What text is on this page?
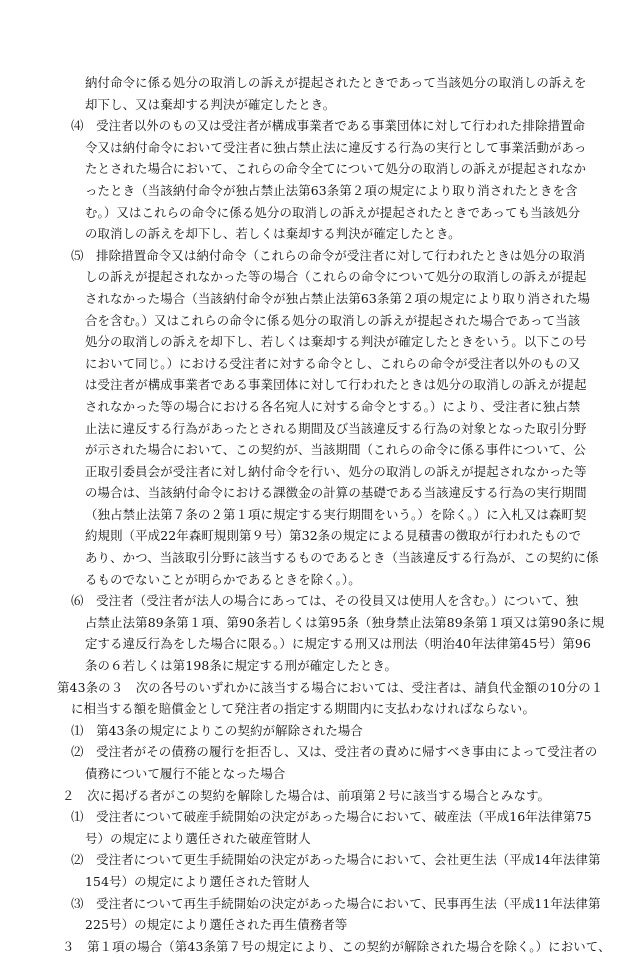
納付命令に係る処分の取消しの訴えが提起されたときであって当該処分の取消しの訴えを
却下し、又は棄却する判決が確定したとき。
⑷　受注者以外のもの又は受注者が構成事業者である事業団体に対して行われた排除措置命
令又は納付命令において受注者に独占禁止法に違反する行為の実行として事業活動があっ
たとされた場合において、これらの命令全てについて処分の取消しの訴えが提起されなか
ったとき（当該納付命令が独占禁止法第63条第２項の規定により取り消されたときを含
む。）又はこれらの命令に係る処分の取消しの訴えが提起されたときであっても当該処分
の取消しの訴えを却下し、若しくは棄却する判決が確定したとき。
⑸　排除措置命令又は納付命令（これらの命令が受注者に対して行われたときは処分の取消
しの訴えが提起されなかった等の場合（これらの命令について処分の取消しの訴えが提起
されなかった場合（当該納付命令が独占禁止法第63条第２項の規定により取り消された場
合を含む。）又はこれらの命令に係る処分の取消しの訴えが提起された場合であって当該
処分の取消しの訴えを却下し、若しくは棄却する判決が確定したときをいう。以下この号
において同じ。）における受注者に対する命令とし、これらの命令が受注者以外のもの又
は受注者が構成事業者である事業団体に対して行われたときは処分の取消しの訴えが提起
されなかった等の場合における各名宛人に対する命令とする。）により、受注者に独占禁
止法に違反する行為があったとされる期間及び当該違反する行為の対象となった取引分野
が示された場合において、この契約が、当該期間（これらの命令に係る事件について、公
正取引委員会が受注者に対し納付命令を行い、処分の取消しの訴えが提起されなかった等
の場合は、当該納付命令における課徴金の計算の基礎である当該違反する行為の実行期間
（独占禁止法第７条の２第１項に規定する実行期間をいう。）を除く。）に入札又は森町契
約規則（平成22年森町規則第９号）第32条の規定による見積書の徴取が行われたもので
あり、かつ、当該取引分野に該当するものであるとき（当該違反する行為が、この契約に係
るものでないことが明らかであるときを除く。）。
⑹　受注者（受注者が法人の場合にあっては、その役員又は使用人を含む。）について、独
占禁止法第89条第１項、第90条若しくは第95条（独身禁止法第89条第１項又は第90条に規
定する違反行為をした場合に限る。）に規定する刑又は刑法（明治40年法律第45号）第96
条の６若しくは第198条に規定する刑が確定したとき。
第43条の３　次の各号のいずれかに該当する場合においては、受注者は、請負代金額の10分の１
に相当する額を賠償金として発注者の指定する期間内に支払わなければならない。
⑴　第43条の規定によりこの契約が解除された場合
⑵　受注者がその債務の履行を拒否し、又は、受注者の責めに帰すべき事由によって受注者の
債務について履行不能となった場合
２　次に掲げる者がこの契約を解除した場合は、前項第２号に該当する場合とみなす。
⑴　受注者について破産手続開始の決定があった場合において、破産法（平成16年法律第75
号）の規定により選任された破産管財人
⑵　受注者について更生手続開始の決定があった場合において、会社更生法（平成14年法律第
154号）の規定により選任された管財人
⑶　受注者について再生手続開始の決定があった場合において、民事再生法（平成11年法律第
225号）の規定により選任された再生債務者等
３　第１項の場合（第43条第７号の規定により、この契約が解除された場合を除く。）において、
